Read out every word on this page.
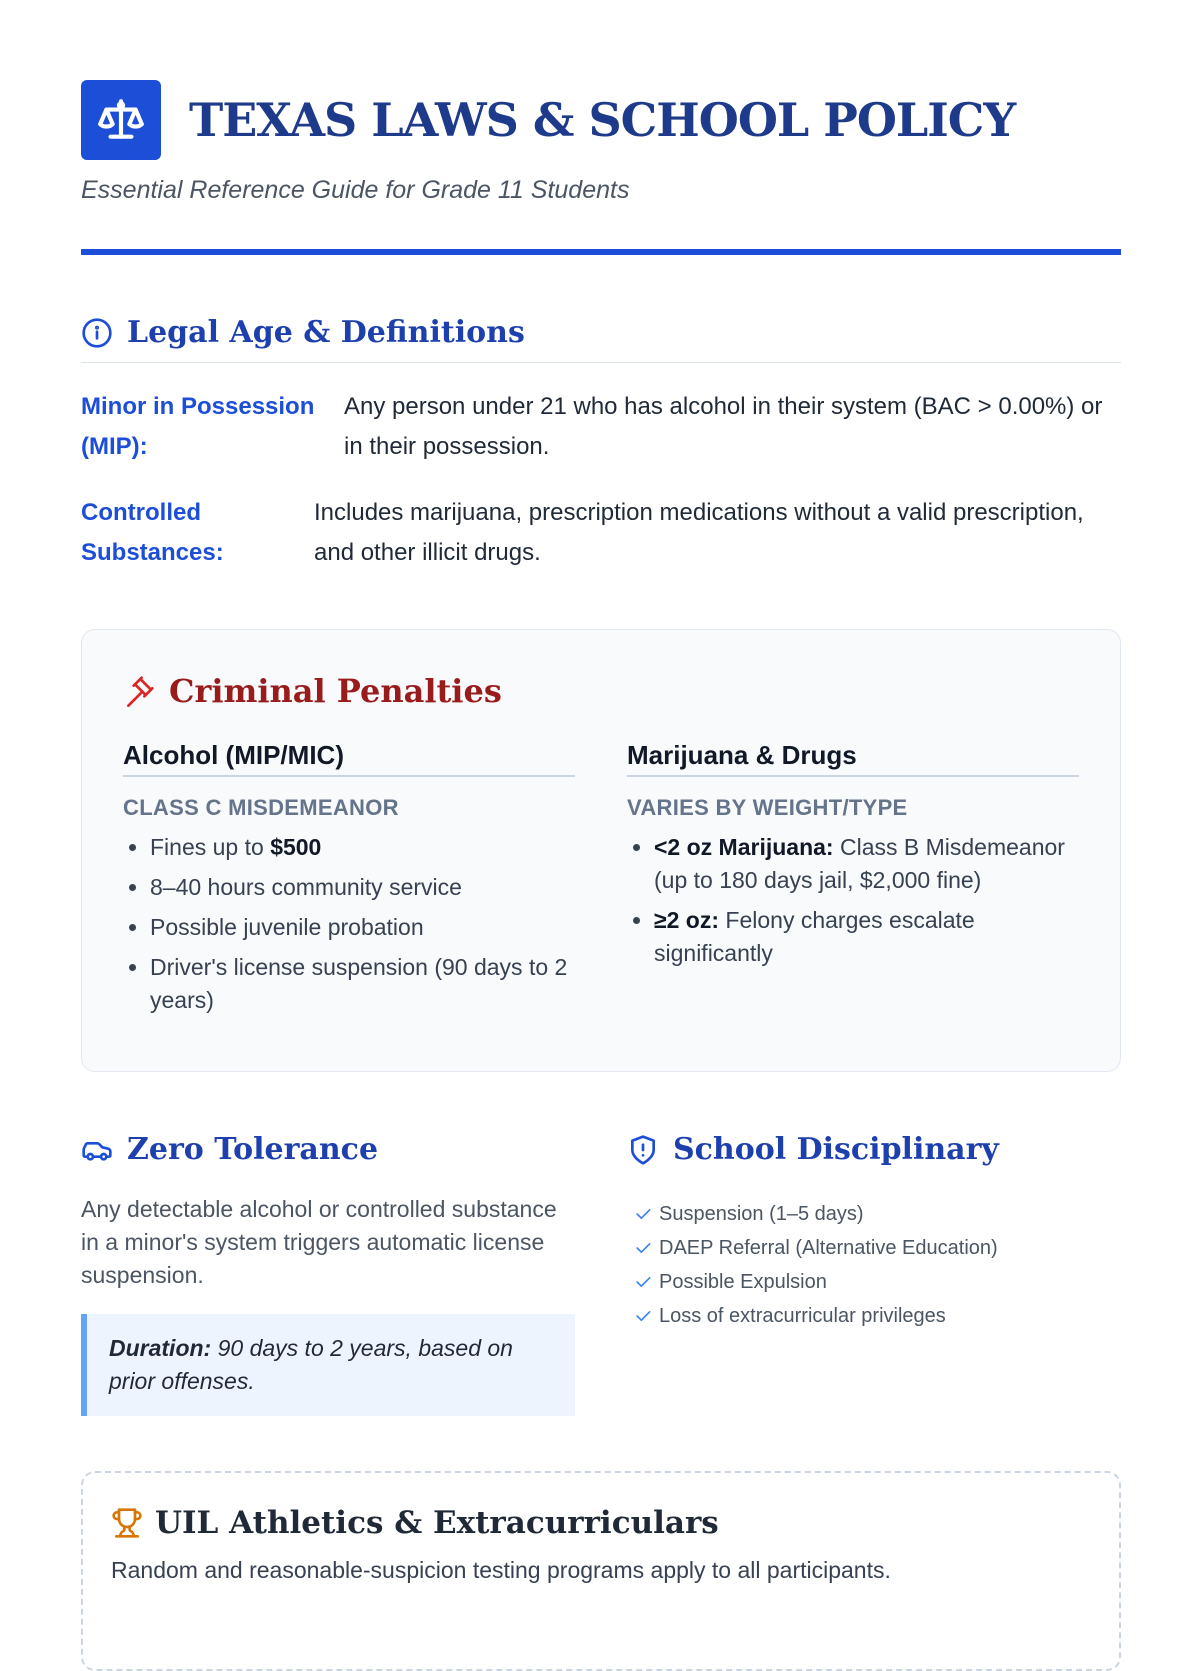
TEXAS LAWS & SCHOOL POLICY
Essential Reference Guide for Grade 11 Students
Legal Age & Definitions
Minor in Possession (MIP):
Any person under 21 who has alcohol in their system (BAC > 0.00%) or in their possession.
Controlled Substances:
Includes marijuana, prescription medications without a valid prescription, and other illicit drugs.
Criminal Penalties
Alcohol (MIP/MIC)
CLASS C MISDEMEANOR
• Fines up to $500
• 8–40 hours community service
• Possible juvenile probation
• Driver's license suspension (90 days to 2 years)
Marijuana & Drugs
VARIES BY WEIGHT/TYPE
• <2 oz Marijuana: Class B Misdemeanor (up to 180 days jail, $2,000 fine)
• ≥2 oz: Felony charges escalate significantly
Zero Tolerance
Any detectable alcohol or controlled substance in a minor's system triggers automatic license suspension.
Duration: 90 days to 2 years, based on prior offenses.
School Disciplinary
Suspension (1–5 days)
DAEP Referral (Alternative Education)
Possible Expulsion
Loss of extracurricular privileges
UIL Athletics & Extracurriculars
Random and reasonable-suspicion testing programs apply to all participants.
